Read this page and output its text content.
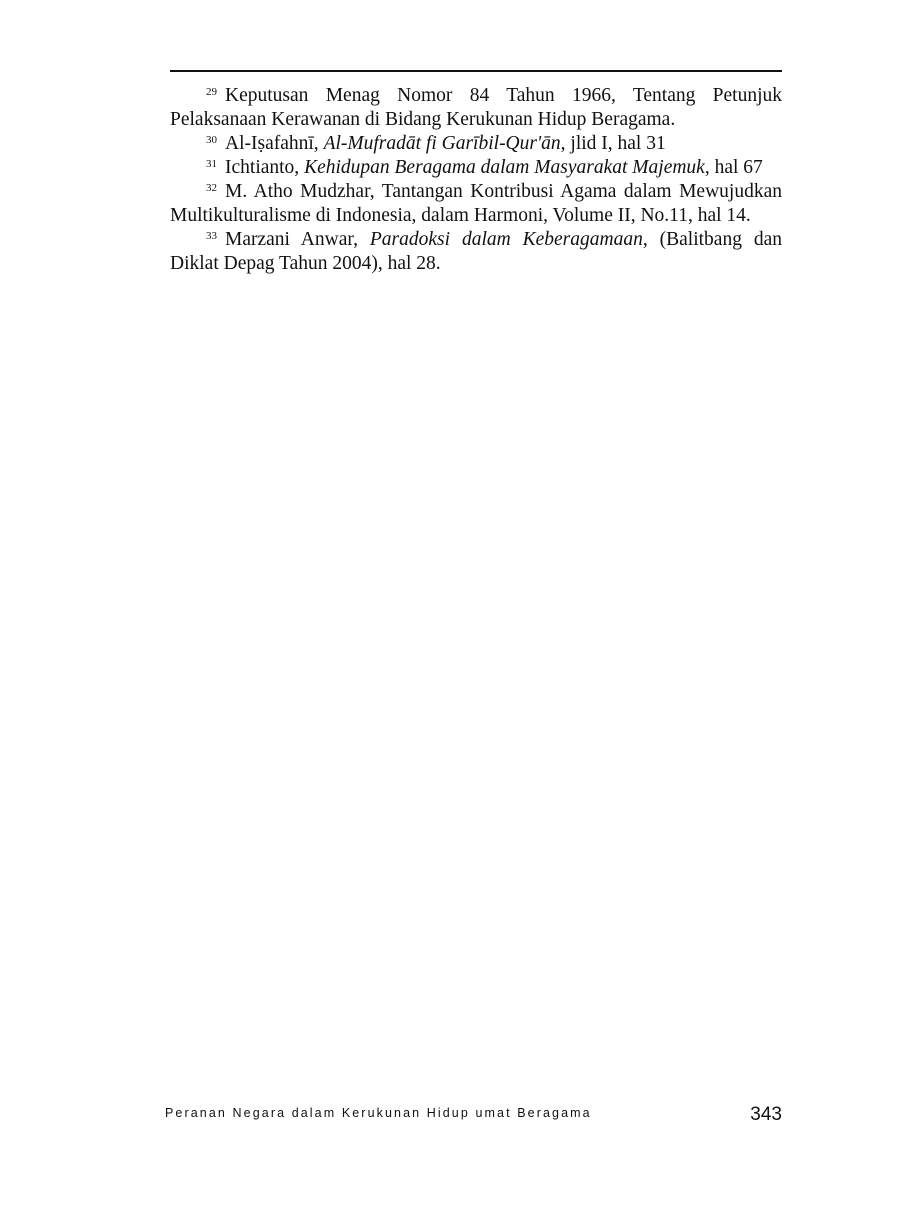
$^{29}$ Keputusan Menag Nomor 84 Tahun 1966, Tentang Petunjuk Pelaksanaan Kerawanan di Bidang Kerukunan Hidup Beragama.

$^{30}$ Al-Iṣafahnī, Al-Mufradāt fi Garībil-Qur'ān, jlid I, hal 31

$^{31}$ Ichtianto, Kehidupan Beragama dalam Masyarakat Majemuk, hal 67

$^{32}$ M. Atho Mudzhar, Tantangan Kontribusi Agama dalam Mewujudkan Multikulturalisme di Indonesia, dalam Harmoni, Volume II, No.11, hal 14.

$^{33}$ Marzani Anwar, Paradoksi dalam Keberagamaan, (Balitbang dan Diklat Depag Tahun 2004), hal 28.

Peranan Negara dalam Kerukunan Hidup umat Beragama	343
